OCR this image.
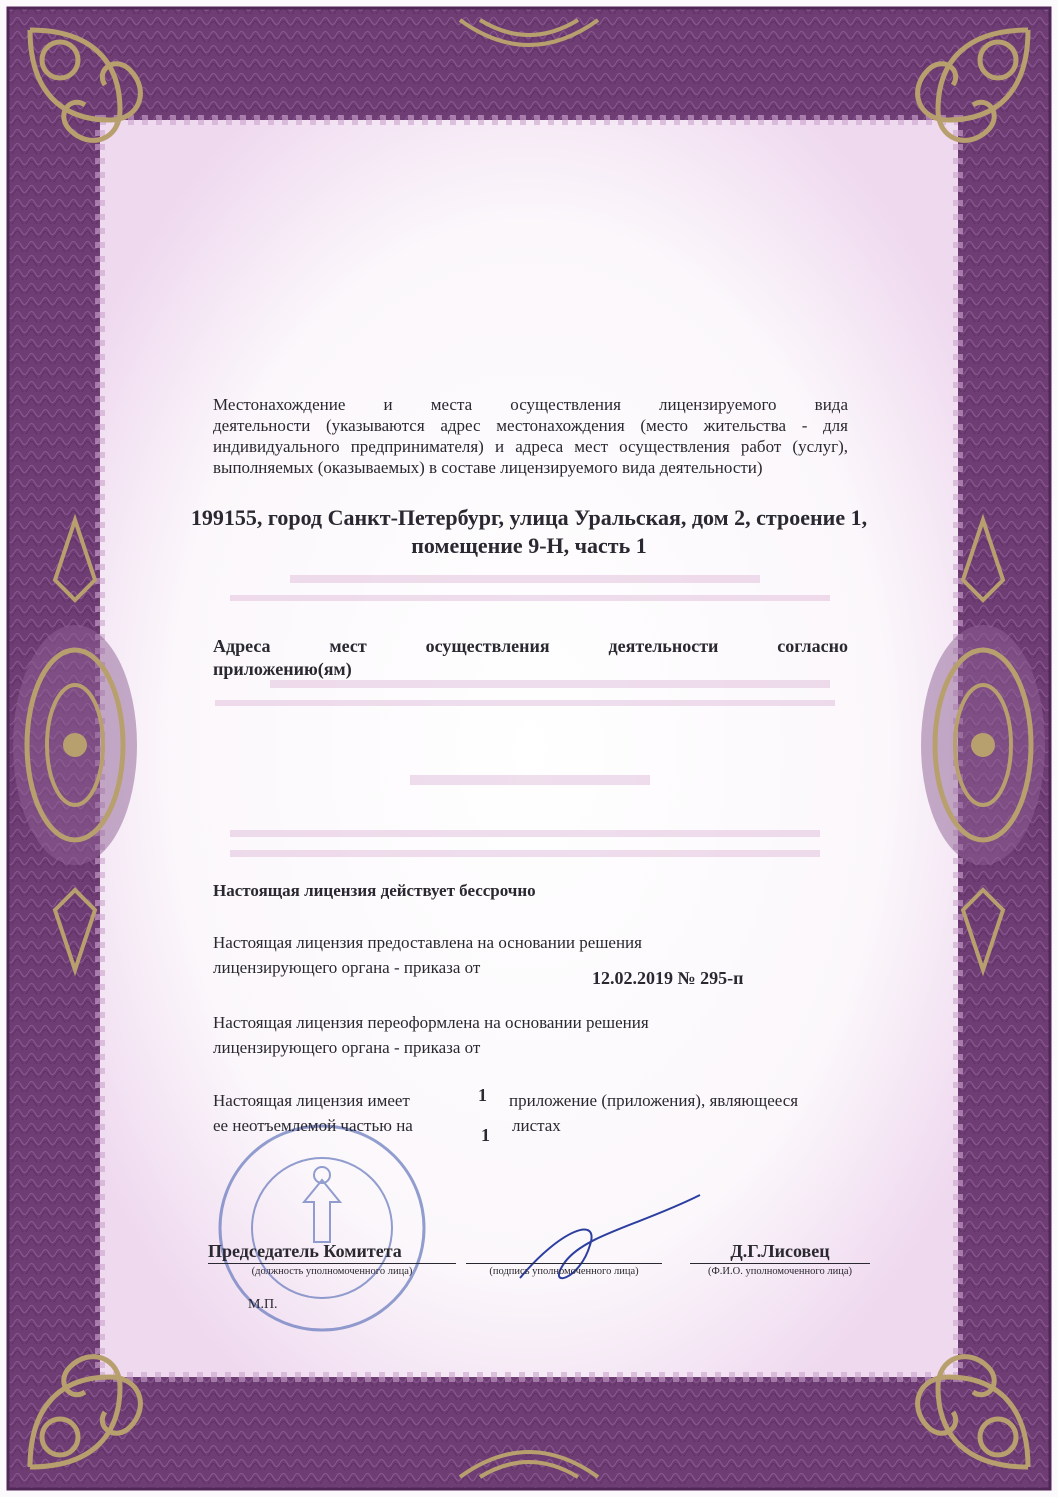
Местонахождение и места осуществления лицензируемого вида
деятельности (указываются адрес местонахождения (место жительства - для
индивидуального предпринимателя) и адреса мест осуществления работ (услуг),
выполняемых (оказываемых) в составе лицензируемого вида деятельности)
199155, город Санкт-Петербург, улица Уральская, дом 2, строение 1,
помещение 9-Н, часть 1
Адреса мест осуществления деятельности согласно
приложению(ям)
Настоящая лицензия действует бессрочно
Настоящая лицензия предоставлена на основании решения
лицензирующего органа - приказа от
12.02.2019 № 295-п
Настоящая лицензия переоформлена на основании решения
лицензирующего органа - приказа от
Настоящая лицензия имеет	1 приложение (приложения), являющееся
ее неотъемлемой частью на	1 листах
Председатель Комитета
(должность уполномоченного лица)	(подпись уполномоченного лица)
Д.Г.Лисовец
(Ф.И.О. уполномоченного лица)
М.П.
